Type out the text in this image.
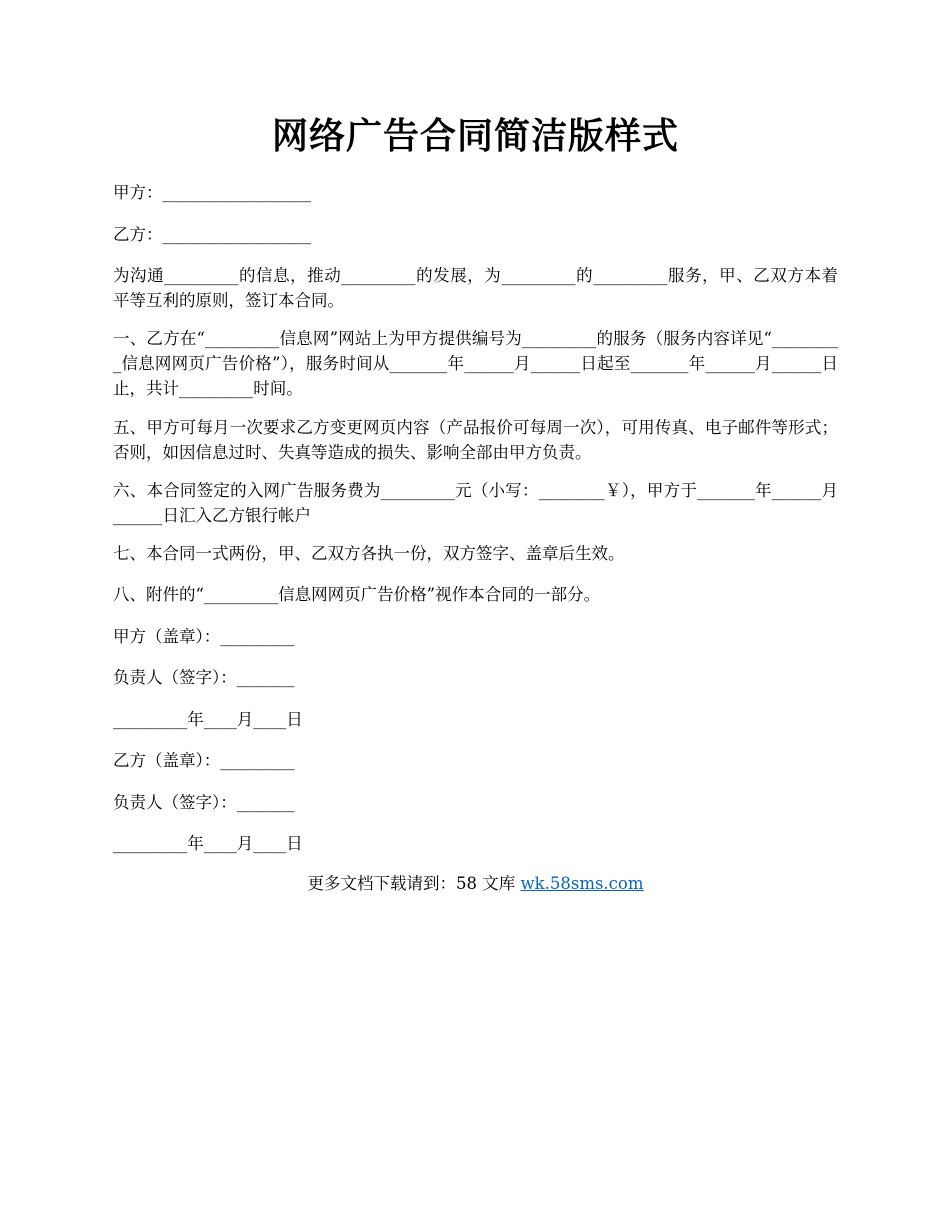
网络广告合同简洁版样式
甲方：__________________
乙方：__________________
为沟通_________的信息，推动_________的发展，为_________的_________服务，甲、乙双方本着平等互利的原则，签订本合同。
一、乙方在“_________信息网”网站上为甲方提供编号为_________的服务（服务内容详见“_________信息网网页广告价格”），服务时间从_______年______月______日起至_______年______月______日止，共计_________时间。
五、甲方可每月一次要求乙方变更网页内容（产品报价可每周一次），可用传真、电子邮件等形式；否则，如因信息过时、失真等造成的损失、影响全部由甲方负责。
六、本合同签定的入网广告服务费为_________元（小写：________￥），甲方于_______年______月______日汇入乙方银行帐户
七、本合同一式两份，甲、乙双方各执一份，双方签字、盖章后生效。
八、附件的“_________信息网网页广告价格”视作本合同的一部分。
甲方（盖章）：_________
负责人（签字）：_______
_________年____月____日
乙方（盖章）：_________
负责人（签字）：_______
_________年____月____日
更多文档下载请到：58 文库 wk.58sms.com
